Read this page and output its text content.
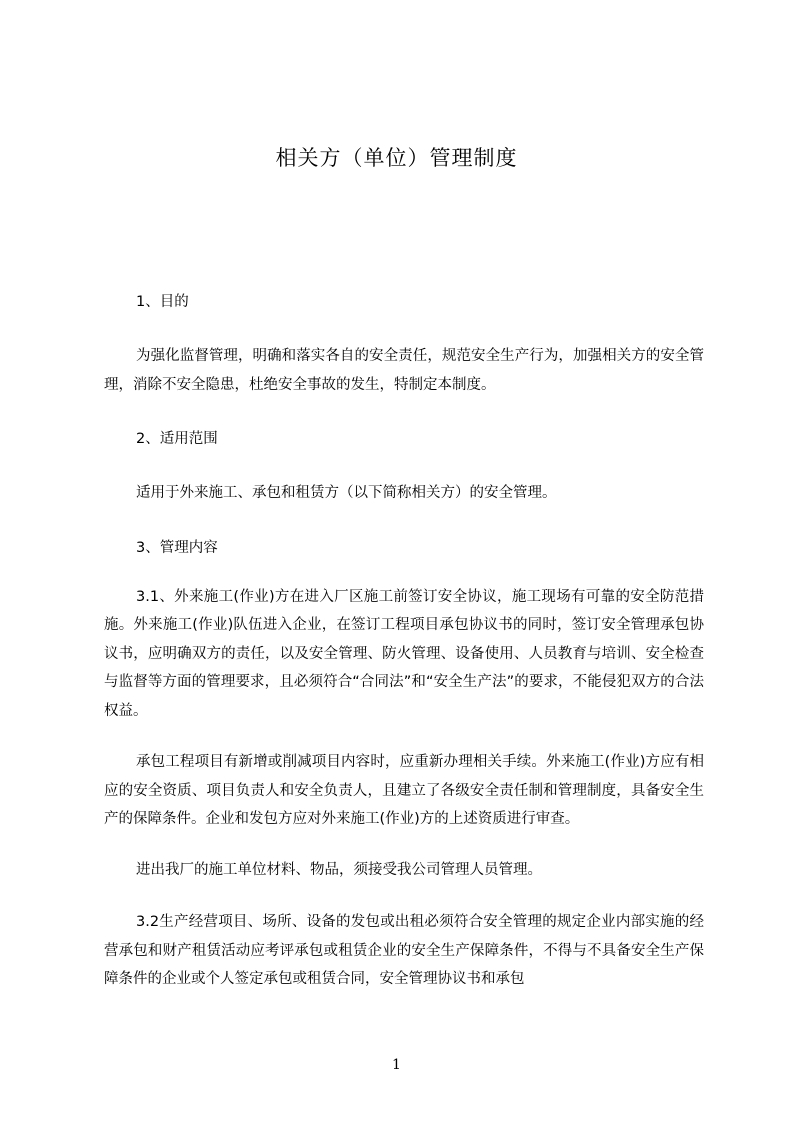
相关方（单位）管理制度

1、目的

为强化监督管理，明确和落实各自的安全责任，规范安全生产行为，加强相关方的安全管理，消除不安全隐患，杜绝安全事故的发生，特制定本制度。

2、适用范围

适用于外来施工、承包和租赁方（以下简称相关方）的安全管理。

3、管理内容

3.1、外来施工(作业)方在进入厂区施工前签订安全协议，施工现场有可靠的安全防范措施。外来施工(作业)队伍进入企业，在签订工程项目承包协议书的同时，签订安全管理承包协议书，应明确双方的责任，以及安全管理、防火管理、设备使用、人员教育与培训、安全检查与监督等方面的管理要求，且必须符合“合同法”和“安全生产法”的要求，不能侵犯双方的合法权益。

承包工程项目有新增或削减项目内容时，应重新办理相关手续。外来施工(作业)方应有相应的安全资质、项目负责人和安全负责人，且建立了各级安全责任制和管理制度，具备安全生产的保障条件。企业和发包方应对外来施工(作业)方的上述资质进行审查。

进出我厂的施工单位材料、物品，须接受我公司管理人员管理。

3.2生产经营项目、场所、设备的发包或出租必须符合安全管理的规定企业内部实施的经营承包和财产租赁活动应考评承包或租赁企业的安全生产保障条件，不得与不具备安全生产保障条件的企业或个人签定承包或租赁合同，安全管理协议书和承包

1
